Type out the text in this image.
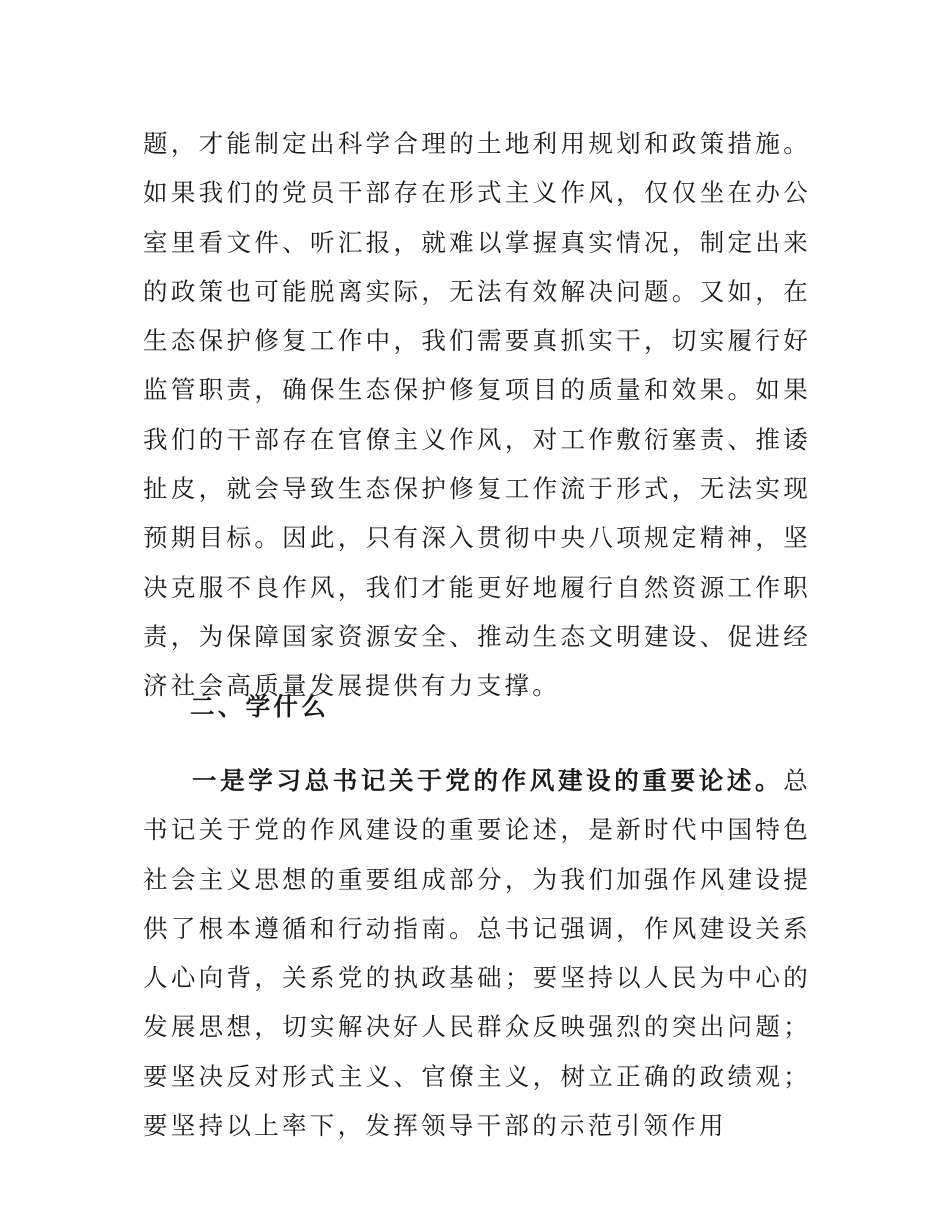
题，才能制定出科学合理的土地利用规划和政策措施。如果我们的党员干部存在形式主义作风，仅仅坐在办公室里看文件、听汇报，就难以掌握真实情况，制定出来的政策也可能脱离实际，无法有效解决问题。又如，在生态保护修复工作中，我们需要真抓实干，切实履行好监管职责，确保生态保护修复项目的质量和效果。如果我们的干部存在官僚主义作风，对工作敷衍塞责、推诿扯皮，就会导致生态保护修复工作流于形式，无法实现预期目标。因此，只有深入贯彻中央八项规定精神，坚决克服不良作风，我们才能更好地履行自然资源工作职责，为保障国家资源安全、推动生态文明建设、促进经济社会高质量发展提供有力支撑。

二、学什么

一是学习总书记关于党的作风建设的重要论述。总书记关于党的作风建设的重要论述，是新时代中国特色社会主义思想的重要组成部分，为我们加强作风建设提供了根本遵循和行动指南。总书记强调，作风建设关系人心向背，关系党的执政基础；要坚持以人民为中心的发展思想，切实解决好人民群众反映强烈的突出问题；要坚决反对形式主义、官僚主义，树立正确的政绩观；要坚持以上率下，发挥领导干部的示范引领作用
